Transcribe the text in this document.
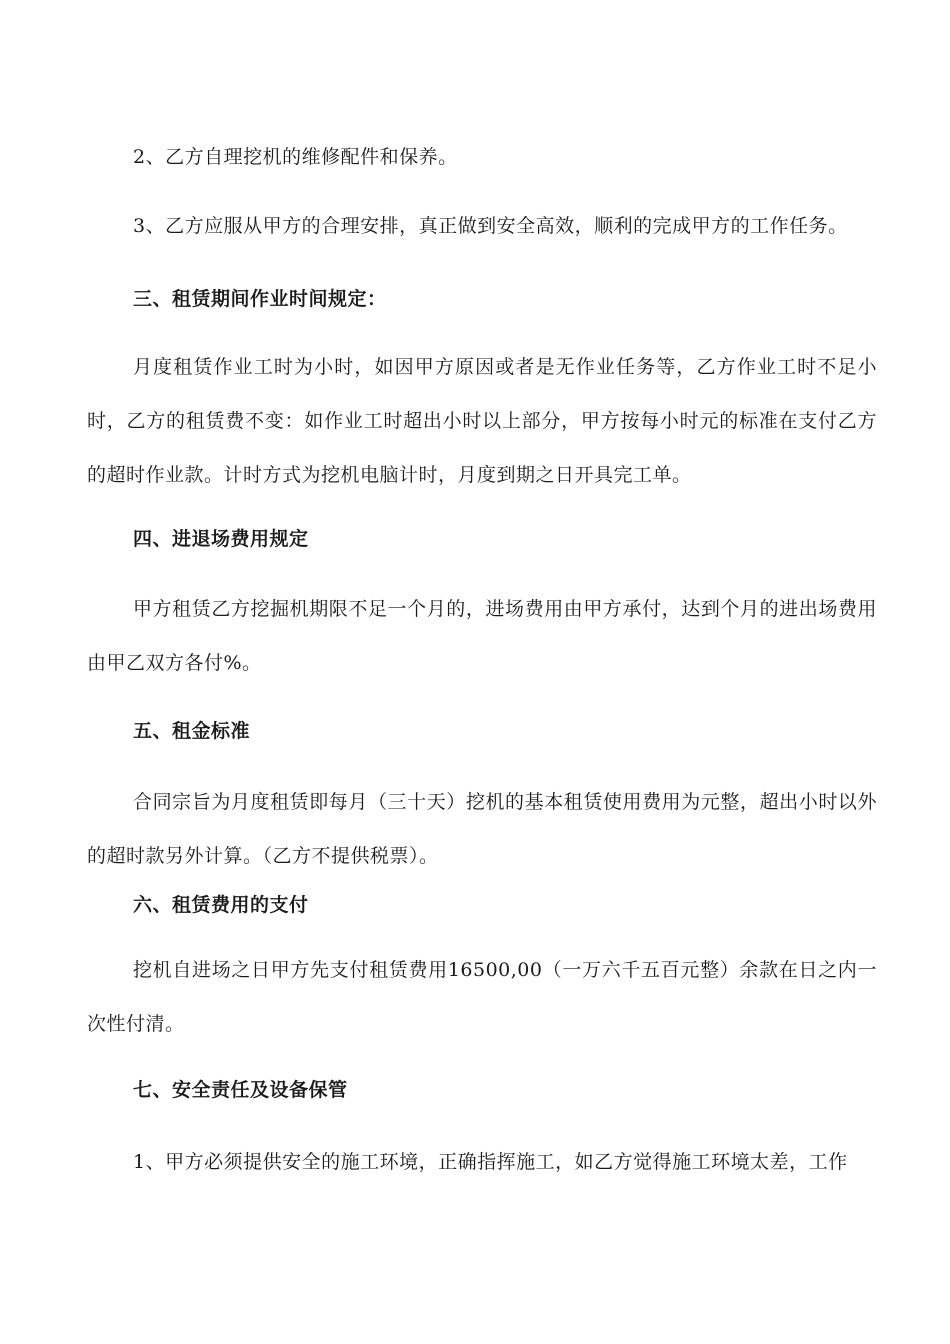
2、乙方自理挖机的维修配件和保养。

3、乙方应服从甲方的合理安排，真正做到安全高效，顺利的完成甲方的工作任务。

三、租赁期间作业时间规定：

月度租赁作业工时为小时，如因甲方原因或者是无作业任务等，乙方作业工时不足小时，乙方的租赁费不变：如作业工时超出小时以上部分，甲方按每小时元的标准在支付乙方的超时作业款。计时方式为挖机电脑计时，月度到期之日开具完工单。

四、进退场费用规定

甲方租赁乙方挖掘机期限不足一个月的，进场费用由甲方承付，达到个月的进出场费用由甲乙双方各付%。

五、租金标准

合同宗旨为月度租赁即每月（三十天）挖机的基本租赁使用费用为元整，超出小时以外的超时款另外计算。（乙方不提供税票）。

六、租赁费用的支付

挖机自进场之日甲方先支付租赁费用16500,00（一万六千五百元整）余款在日之内一次性付清。

七、安全责任及设备保管

1、甲方必须提供安全的施工环境，正确指挥施工，如乙方觉得施工环境太差，工作
